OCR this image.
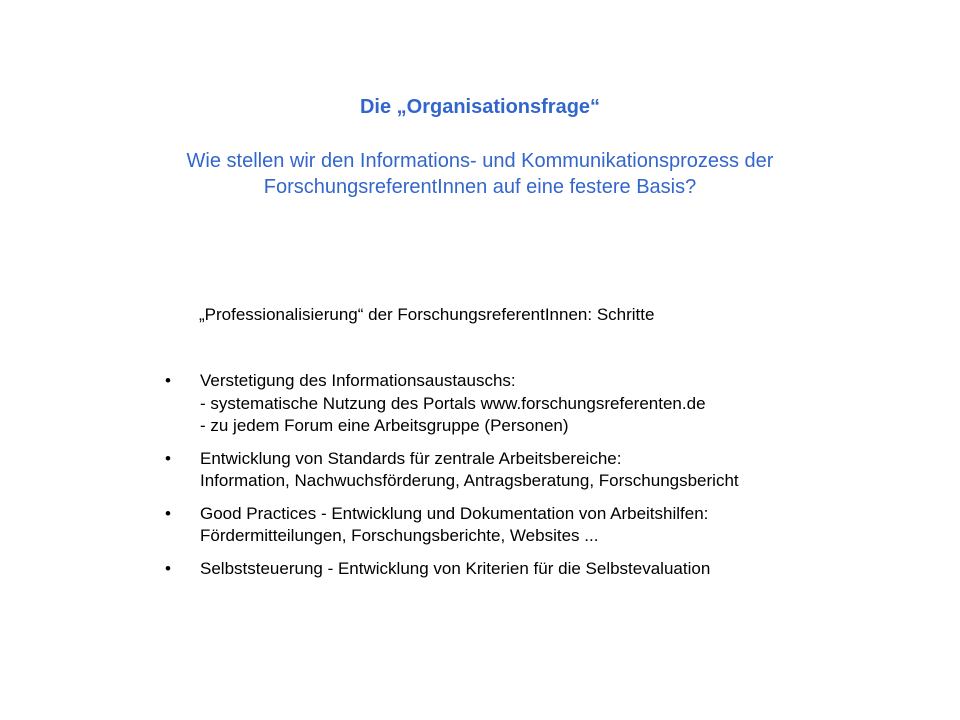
Die „Organisationsfrage“

Wie stellen wir den Informations- und Kommunikationsprozess der
ForschungsreferentInnen auf eine festere Basis?

„Professionalisierung“ der ForschungsreferentInnen: Schritte

• Verstetigung des Informationsaustauschs:
- systematische Nutzung des Portals www.forschungsreferenten.de
- zu jedem Forum eine Arbeitsgruppe (Personen)
• Entwicklung von Standards für zentrale Arbeitsbereiche:
Information, Nachwuchsförderung, Antragsberatung, Forschungsbericht
• Good Practices - Entwicklung und Dokumentation von Arbeitshilfen:
Fördermitteilungen, Forschungsberichte, Websites ...
• Selbststeuerung - Entwicklung von Kriterien für die Selbstevaluation
